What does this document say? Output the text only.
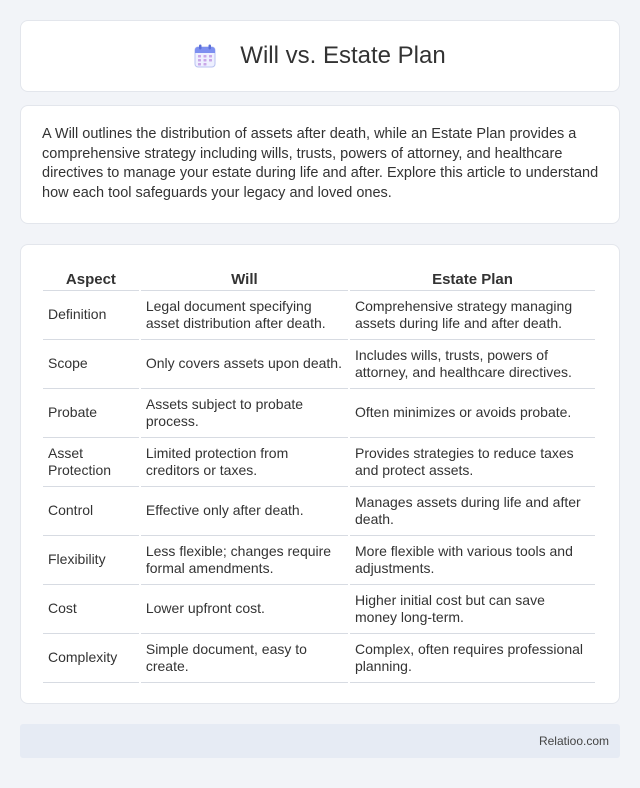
Will vs. Estate Plan

A Will outlines the distribution of assets after death, while an Estate Plan provides a comprehensive strategy including wills, trusts, powers of attorney, and healthcare directives to manage your estate during life and after. Explore this article to understand how each tool safeguards your legacy and loved ones.

Aspect	Will	Estate Plan
Definition	Legal document specifying asset distribution after death.	Comprehensive strategy managing assets during life and after death.
Scope	Only covers assets upon death.	Includes wills, trusts, powers of attorney, and healthcare directives.
Probate	Assets subject to probate process.	Often minimizes or avoids probate.
Asset Protection	Limited protection from creditors or taxes.	Provides strategies to reduce taxes and protect assets.
Control	Effective only after death.	Manages assets during life and after death.
Flexibility	Less flexible; changes require formal amendments.	More flexible with various tools and adjustments.
Cost	Lower upfront cost.	Higher initial cost but can save money long-term.
Complexity	Simple document, easy to create.	Complex, often requires professional planning.
Relatioo.com
